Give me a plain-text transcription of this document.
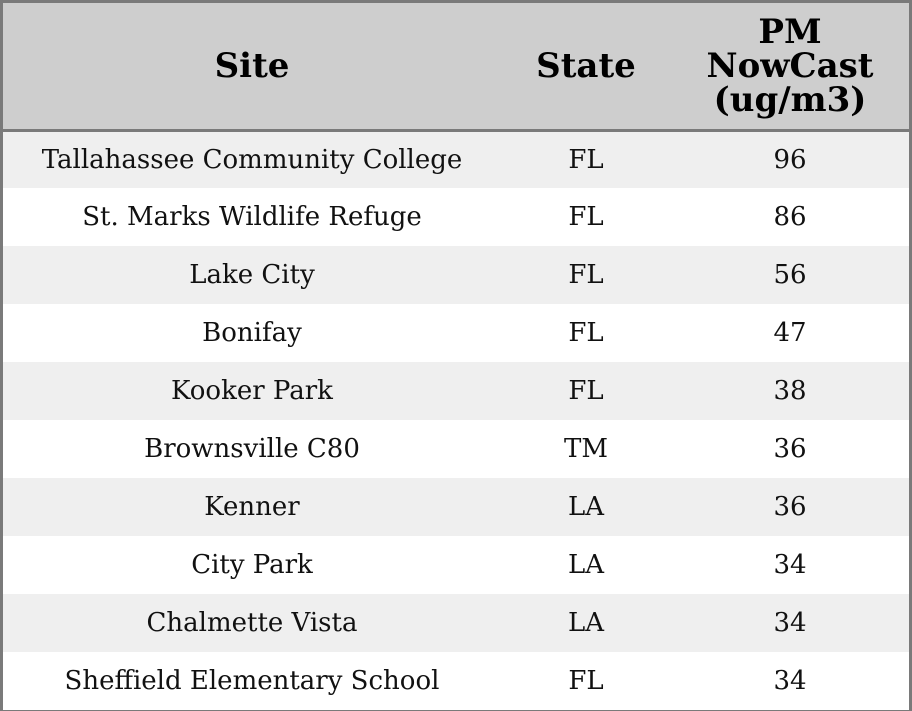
Site	State	PM
NowCast
(ug/m3)
Tallahassee Community College	FL	96
St. Marks Wildlife Refuge	FL	86
Lake City	FL	56
Bonifay	FL	47
Kooker Park	FL	38
Brownsville C80	TM	36
Kenner	LA	36
City Park	LA	34
Chalmette Vista	LA	34
Sheffield Elementary School	FL	34
